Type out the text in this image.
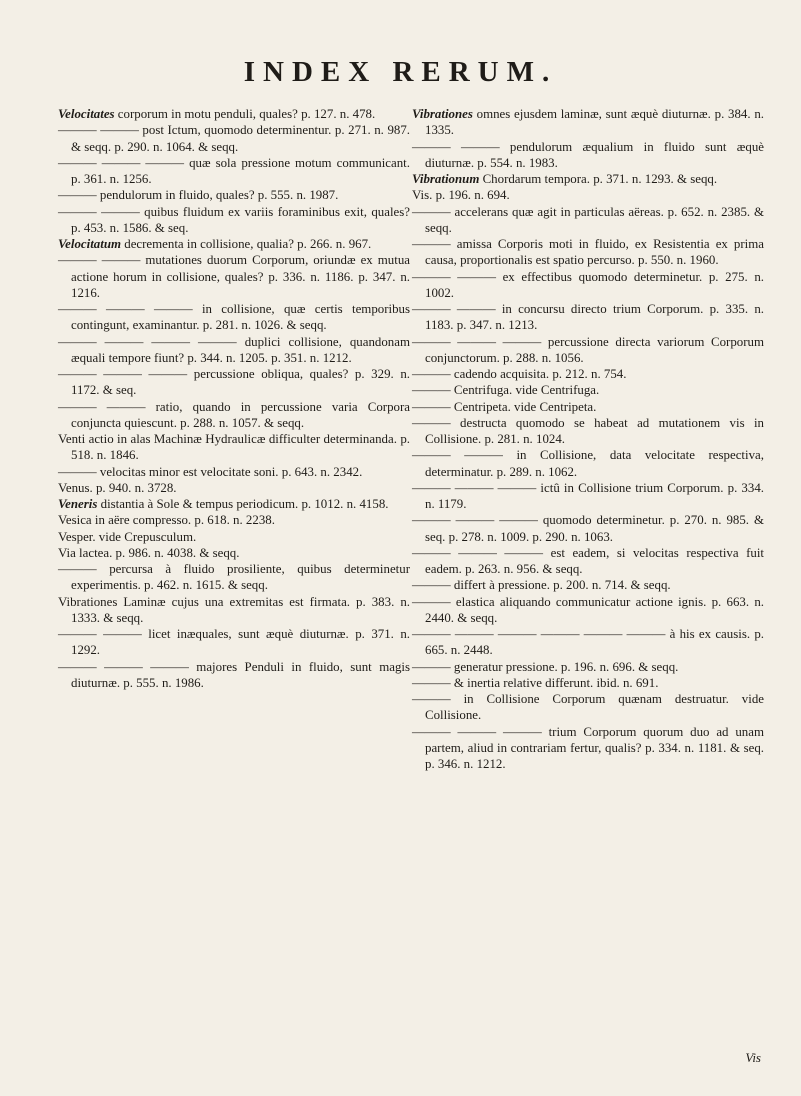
INDEX RERUM.

Velocitates corporum in motu penduli, quales? p. 127. n. 478.

——— ——— post Ictum, quomodo determinentur. p. 271. n. 987. & seqq. p. 290. n. 1064. & seqq.

——— ——— ——— quæ sola pressione motum communicant. p. 361. n. 1256.

——— pendulorum in fluido, quales? p. 555. n. 1987.

——— ——— quibus fluidum ex variis foraminibus exit, quales? p. 453. n. 1586. & seq.

Velocitatum decrementa in collisione, qualia? p. 266. n. 967.

——— ——— mutationes duorum Corporum, oriundæ ex mutua actione horum in collisione, quales? p. 336. n. 1186. p. 347. n. 1216.

——— ——— ——— in collisione, quæ certis temporibus contingunt, examinantur. p. 281. n. 1026. & seqq.

——— ——— ——— ——— duplici collisione, quandonam æquali tempore fiunt? p. 344. n. 1205. p. 351. n. 1212.

——— ——— ——— percussione obliqua, quales? p. 329. n. 1172. & seq.

——— ——— ratio, quando in percussione varia Corpora conjuncta quiescunt. p. 288. n. 1057. & seqq.

Venti actio in alas Machinæ Hydraulicæ difficulter determinanda. p. 518. n. 1846.

——— velocitas minor est velocitate soni. p. 643. n. 2342.

Venus. p. 940. n. 3728.

Veneris distantia à Sole & tempus periodicum. p. 1012. n. 4158.

Vesica in aëre compresso. p. 618. n. 2238.

Vesper. vide Crepusculum.

Via lactea. p. 986. n. 4038. & seqq.

——— percursa à fluido prosiliente, quibus determinetur experimentis. p. 462. n. 1615. & seqq.

Vibrationes Laminæ cujus una extremitas est firmata. p. 383. n. 1333. & seqq.

——— ——— licet inæquales, sunt æquè diuturnæ. p. 371. n. 1292.

——— ——— ——— majores Penduli in fluido, sunt magis diuturnæ. p. 555. n. 1986.

Vibrationes omnes ejusdem laminæ, sunt æquè diuturnæ. p. 384. n. 1335.

——— ——— pendulorum æqualium in fluido sunt æquè diuturnæ. p. 554. n. 1983.

Vibrationum Chordarum tempora. p. 371. n. 1293. & seqq.

Vis. p. 196. n. 694.

——— accelerans quæ agit in particulas aëreas. p. 652. n. 2385. & seqq.

——— amissa Corporis moti in fluido, ex Resistentia ex prima causa, proportionalis est spatio percurso. p. 550. n. 1960.

——— ——— ex effectibus quomodo determinetur. p. 275. n. 1002.

——— ——— in concursu directo trium Corporum. p. 335. n. 1183. p. 347. n. 1213.

——— ——— ——— percussione directa variorum Corporum conjunctorum. p. 288. n. 1056.

——— cadendo acquisita. p. 212. n. 754.

——— Centrifuga. vide Centrifuga.

——— Centripeta. vide Centripeta.

——— destructa quomodo se habeat ad mutationem vis in Collisione. p. 281. n. 1024.

——— ——— in Collisione, data velocitate respectiva, determinatur. p. 289. n. 1062.

——— ——— ——— ictû in Collisione trium Corporum. p. 334. n. 1179.

——— ——— ——— quomodo determinetur. p. 270. n. 985. & seq. p. 278. n. 1009. p. 290. n. 1063.

——— ——— ——— est eadem, si velocitas respectiva fuit eadem. p. 263. n. 956. & seqq.

——— differt à pressione. p. 200. n. 714. & seqq.

——— elastica aliquando communicatur actione ignis. p. 663. n. 2440. & seqq.

——— ——— ——— ——— ——— ——— à his ex causis. p. 665. n. 2448.

——— generatur pressione. p. 196. n. 696. & seqq.

——— & inertia relative differunt. ibid. n. 691.

——— in Collisione Corporum quænam destruatur. vide Collisione.

——— ——— ——— trium Corporum quorum duo ad unam partem, aliud in contrariam fertur, qualis? p. 334. n. 1181. & seq. p. 346. n. 1212.

Vis
